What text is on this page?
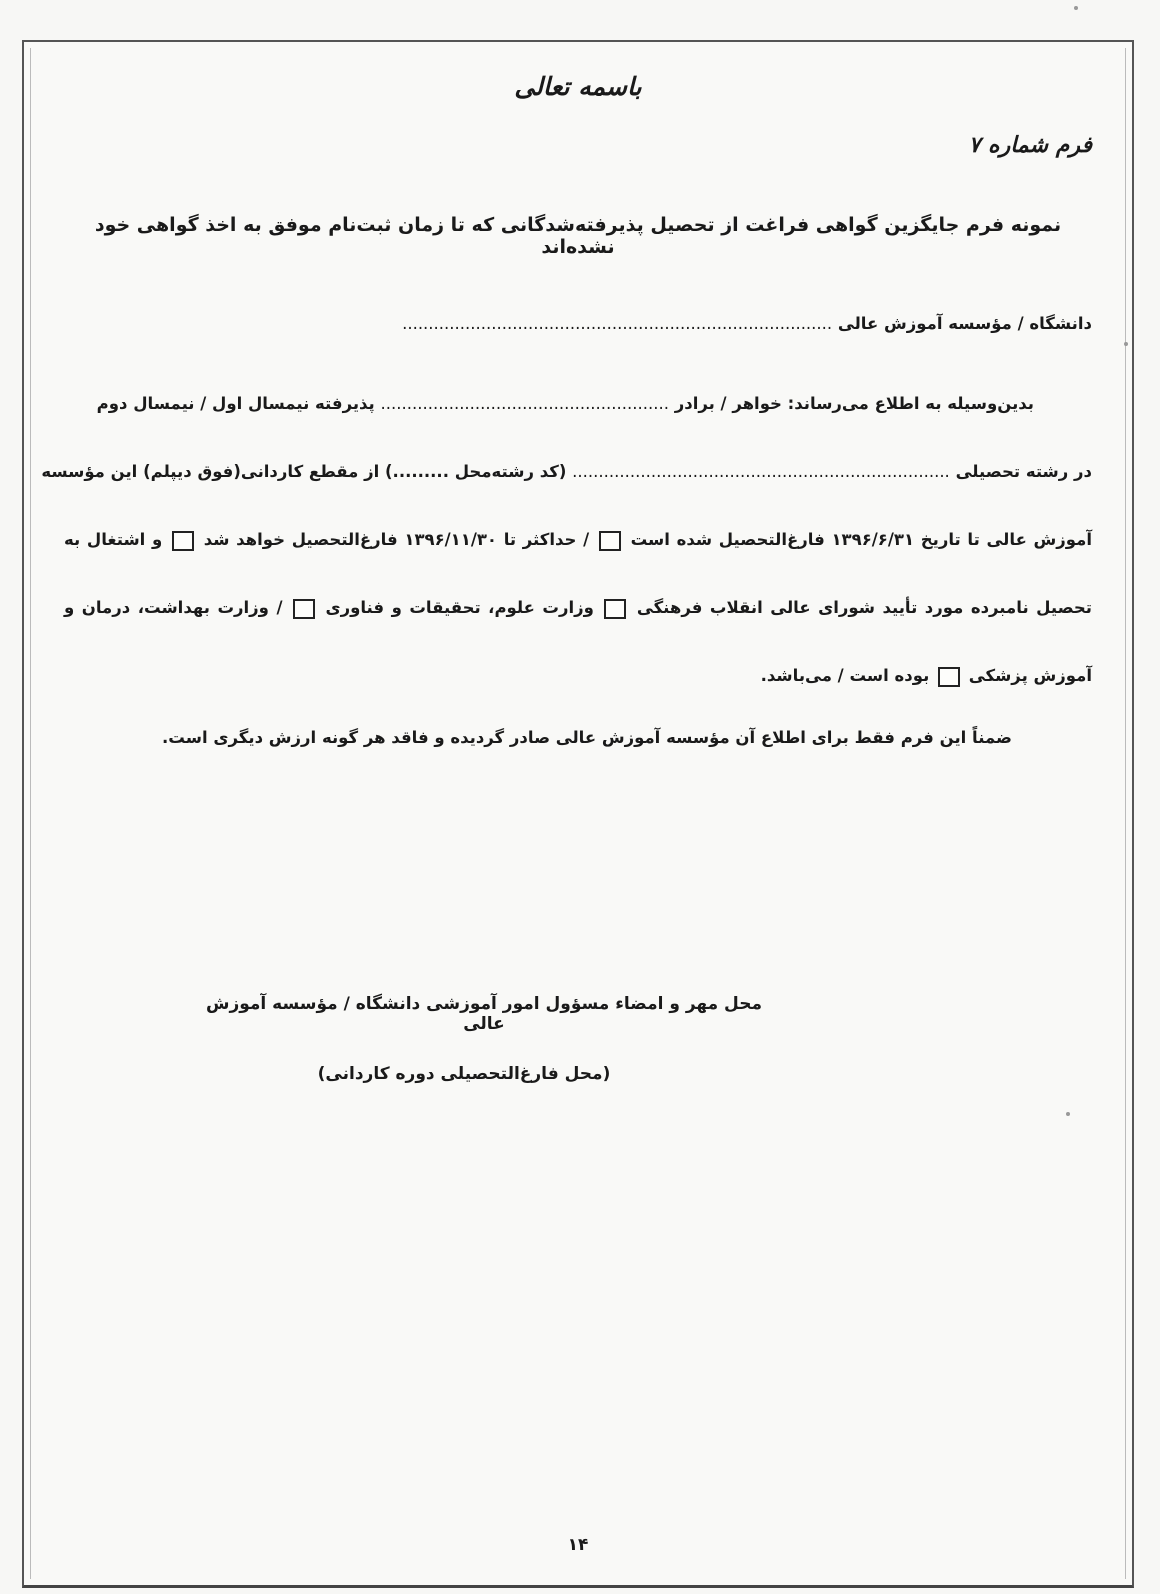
باسمه تعالی
فرم شماره ۷
نمونه فرم جایگزین گواهی فراغت از تحصیل پذیرفته‌شدگانی که تا زمان ثبت‌نام موفق به اخذ گواهی خود نشده‌اند
دانشگاه / مؤسسه آموزش عالی ..................................................................................
بدین‌وسیله به اطلاع می‌رساند: خواهر / برادر ....................................................... پذیرفته نیمسال اول / نیمسال دوم
در رشته تحصیلی ........................................................................ (کد رشته‌محل .........) از مقطع کاردانی(فوق دیپلم) این مؤسسه
آموزش عالی تا تاریخ ۱۳۹۶/۶/۳۱ فارغ‌التحصیل شده است  / حداکثر تا ۱۳۹۶/۱۱/۳۰ فارغ‌التحصیل خواهد شد  و اشتغال به
تحصیل نامبرده مورد تأیید شورای عالی انقلاب فرهنگی  وزارت علوم، تحقیقات و فناوری  / وزارت بهداشت، درمان و
آموزش پزشکی  بوده است / می‌باشد.
ضمناً این فرم فقط برای اطلاع آن مؤسسه آموزش عالی صادر گردیده و فاقد هر گونه ارزش دیگری است.
محل مهر و امضاء مسؤول امور آموزشی دانشگاه / مؤسسه آموزش عالی
(محل فارغ‌التحصیلی دوره کاردانی)
۱۴
